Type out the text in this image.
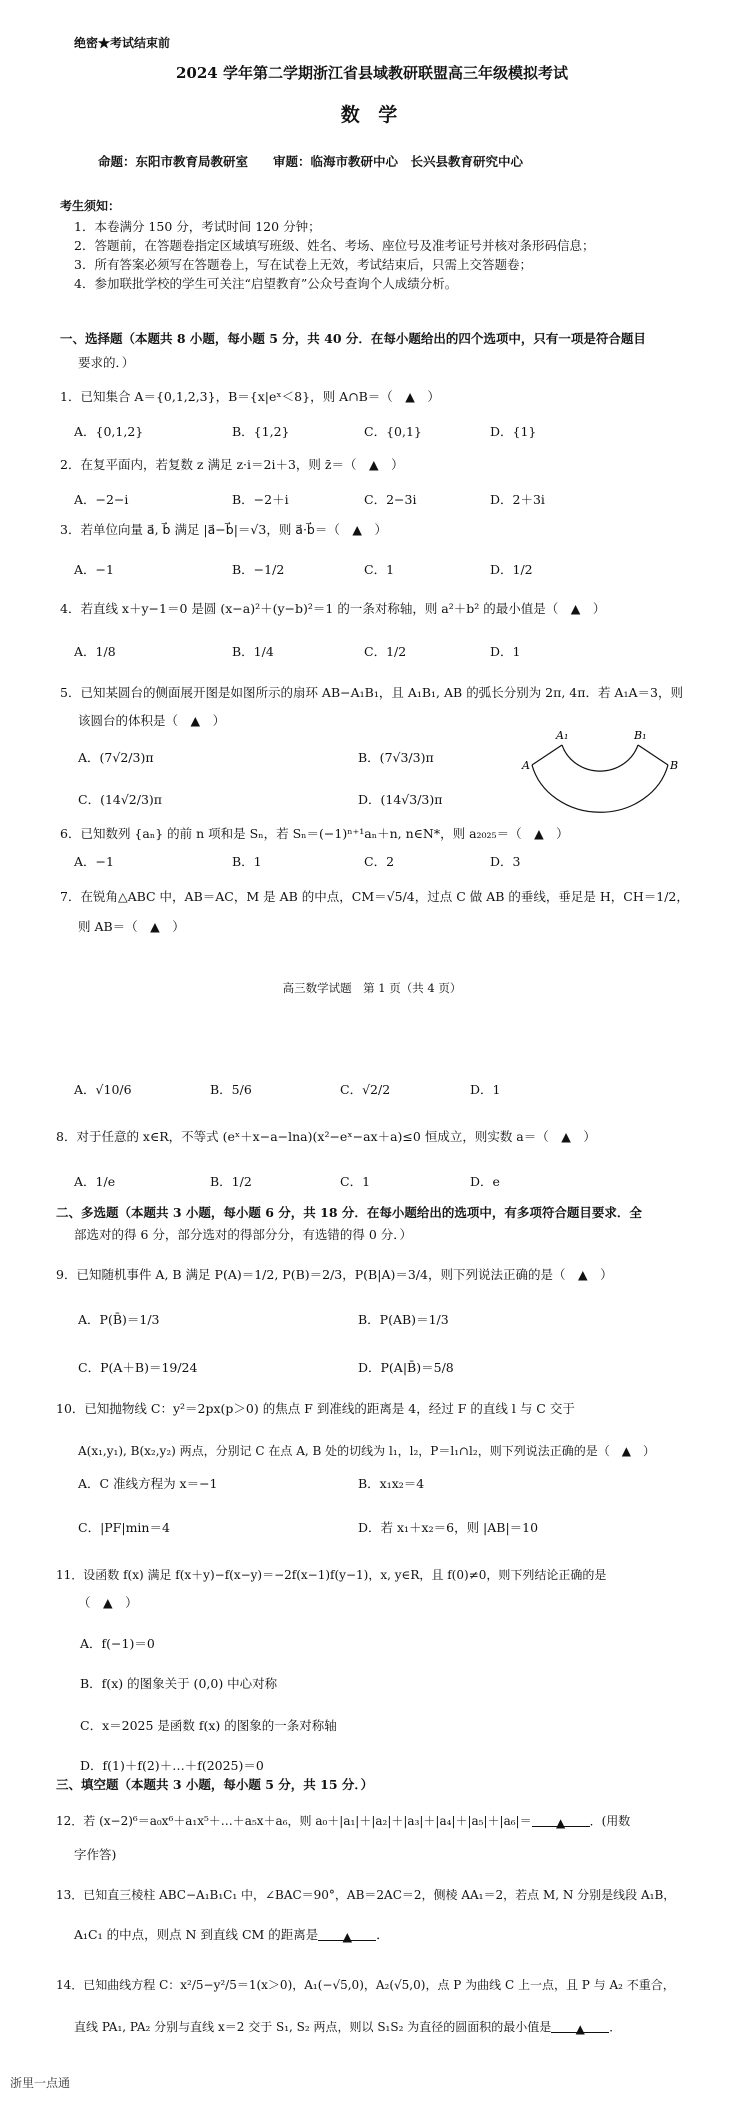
绝密★考试结束前
2024 学年第二学期浙江省县域教研联盟高三年级模拟考试
数 学
命题：东阳市教育局教研室　　审题：临海市教研中心　长兴县教育研究中心
考生须知：
1．本卷满分 150 分，考试时间 120 分钟；
2．答题前，在答题卷指定区域填写班级、姓名、考场、座位号及准考证号并核对条形码信息；
3．所有答案必须写在答题卷上，写在试卷上无效，考试结束后，只需上交答题卷；
4．参加联批学校的学生可关注“启望教育”公众号查询个人成绩分析。
一、选择题（本题共 8 小题，每小题 5 分，共 40 分．在每小题给出的四个选项中，只有一项是符合题目
要求的．）
1．已知集合 A＝{0,1,2,3}，B＝{x|eˣ＜8}，则 A∩B＝（　▲　）
A．{0,1,2}	B．{1,2}	C．{0,1}	D．{1}
2．在复平面内，若复数 z 满足 z·i＝2i＋3，则 z̄＝（　▲　）
A．−2−i	B．−2＋i	C．2−3i	D．2＋3i
3．若单位向量 a⃗, b⃗ 满足 |a⃗−b⃗|＝√3，则 a⃗·b⃗＝（　▲　）
A．−1	B．−1/2	C．1	D．1/2
4．若直线 x＋y−1＝0 是圆 (x−a)²＋(y−b)²＝1 的一条对称轴，则 a²＋b² 的最小值是（　▲　）
A．1/8	B．1/4	C．1/2	D．1
5．已知某圆台的侧面展开图是如图所示的扇环 AB−A₁B₁，且 A₁B₁, AB 的弧长分别为 2π, 4π．若 A₁A＝3，则
该圆台的体积是（　▲　）
A．(7√2/3)π	B．(7√3/3)π
C．(14√2/3)π	D．(14√3/3)π
A₁	B₁
A	B
6．已知数列 {aₙ} 的前 n 项和是 Sₙ，若 Sₙ＝(−1)ⁿ⁺¹aₙ＋n, n∈N*，则 a₂₀₂₅＝（　▲　）
A．−1	B．1	C．2	D．3
7．在锐角△ABC 中，AB＝AC，M 是 AB 的中点，CM＝√5/4，过点 C 做 AB 的垂线，垂足是 H，CH＝1/2，
则 AB＝（　▲　）
高三数学试题　第 1 页（共 4 页）
A．√10/6	B．5/6	C．√2/2	D．1
8．对于任意的 x∈R，不等式 (eˣ＋x−a−lna)(x²−eˣ−ax＋a)≤0 恒成立，则实数 a＝（　▲　）
A．1/e	B．1/2	C．1	D．e
二、多选题（本题共 3 小题，每小题 6 分，共 18 分．在每小题给出的选项中，有多项符合题目要求．全
部选对的得 6 分，部分选对的得部分分，有选错的得 0 分．）
9．已知随机事件 A, B 满足 P(A)＝1/2, P(B)＝2/3，P(B|A)＝3/4，则下列说法正确的是（　▲　）
A．P(B̄)＝1/3	B．P(AB)＝1/3
C．P(A＋B)＝19/24	D．P(A|B̄)＝5/8
10．已知抛物线 C：y²＝2px(p＞0) 的焦点 F 到准线的距离是 4，经过 F 的直线 l 与 C 交于
A(x₁,y₁), B(x₂,y₂) 两点，分别记 C 在点 A, B 处的切线为 l₁，l₂，P＝l₁∩l₂，则下列说法正确的是（　▲　）
A．C 准线方程为 x＝−1	B．x₁x₂＝4
C．|PF|min＝4	D．若 x₁＋x₂＝6，则 |AB|＝10
11．设函数 f(x) 满足 f(x＋y)−f(x−y)＝−2f(x−1)f(y−1)，x, y∈R，且 f(0)≠0，则下列结论正确的是
（　▲　）
A．f(−1)＝0
B．f(x) 的图象关于 (0,0) 中心对称
C．x＝2025 是函数 f(x) 的图象的一条对称轴
D．f(1)＋f(2)＋…＋f(2025)＝0
三、填空题（本题共 3 小题，每小题 5 分，共 15 分．）
12．若 (x−2)⁶＝a₀x⁶＋a₁x⁵＋…＋a₅x＋a₆，则 a₀＋|a₁|＋|a₂|＋|a₃|＋|a₄|＋|a₅|＋|a₆|＝ ▲ ．(用数
字作答)
13．已知直三棱柱 ABC−A₁B₁C₁ 中，∠BAC＝90°，AB＝2AC＝2，侧棱 AA₁＝2，若点 M, N 分别是线段 A₁B，
A₁C₁ 的中点，则点 N 到直线 CM 的距离是 ▲ ．
14．已知曲线方程 C：x²/5−y²/5＝1(x＞0)，A₁(−√5,0)，A₂(√5,0)，点 P 为曲线 C 上一点，且 P 与 A₂ 不重合，
直线 PA₁, PA₂ 分别与直线 x＝2 交于 S₁, S₂ 两点，则以 S₁S₂ 为直径的圆面积的最小值是 ▲ ．
浙里一点通
